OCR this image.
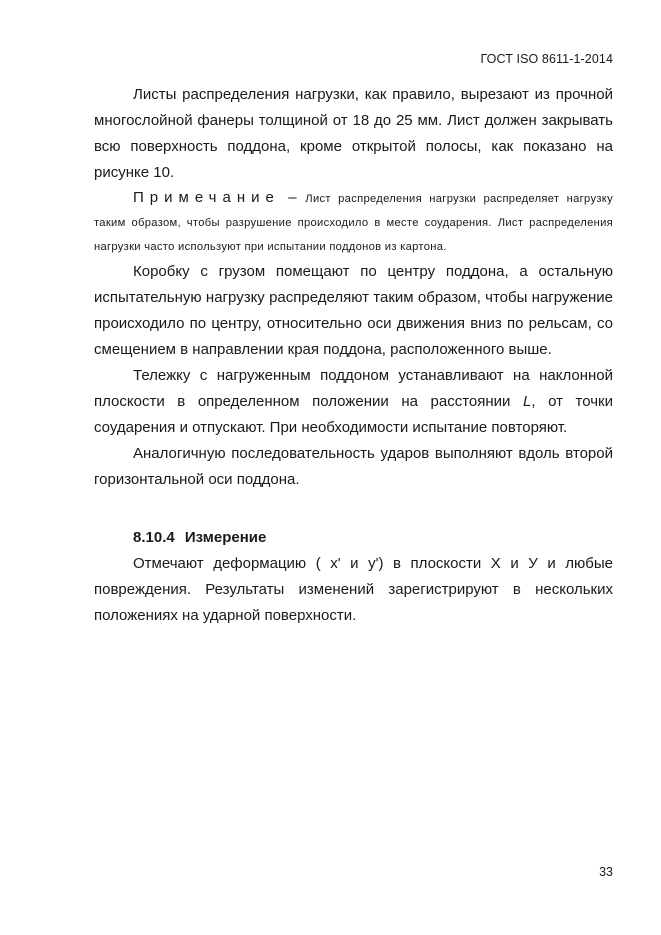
ГОСТ ISO 8611-1-2014

Листы распределения нагрузки, как правило, вырезают из прочной многослойной фанеры толщиной от 18 до 25 мм. Лист должен закрывать всю поверхность поддона, кроме открытой полосы, как показано на рисунке 10.

Примечание – Лист распределения нагрузки распределяет нагрузку таким образом, чтобы разрушение происходило в месте соударения. Лист распределения нагрузки часто используют при испытании поддонов из картона.

Коробку с грузом помещают по центру поддона, а остальную испытательную нагрузку распределяют таким образом, чтобы нагружение происходило по центру, относительно оси движения вниз по рельсам, со смещением в направлении края поддона, расположенного выше.

Тележку с нагруженным поддоном устанавливают на наклонной плоскости в определенном положении на расстоянии L, от точки соударения и отпускают. При необходимости испытание повторяют.

Аналогичную последовательность ударов выполняют вдоль второй горизонтальной оси поддона.

8.10.4 Измерение

Отмечают деформацию ( x' и y') в плоскости Х и У и любые повреждения. Результаты изменений зарегистрируют в нескольких положениях на ударной поверхности.

33
